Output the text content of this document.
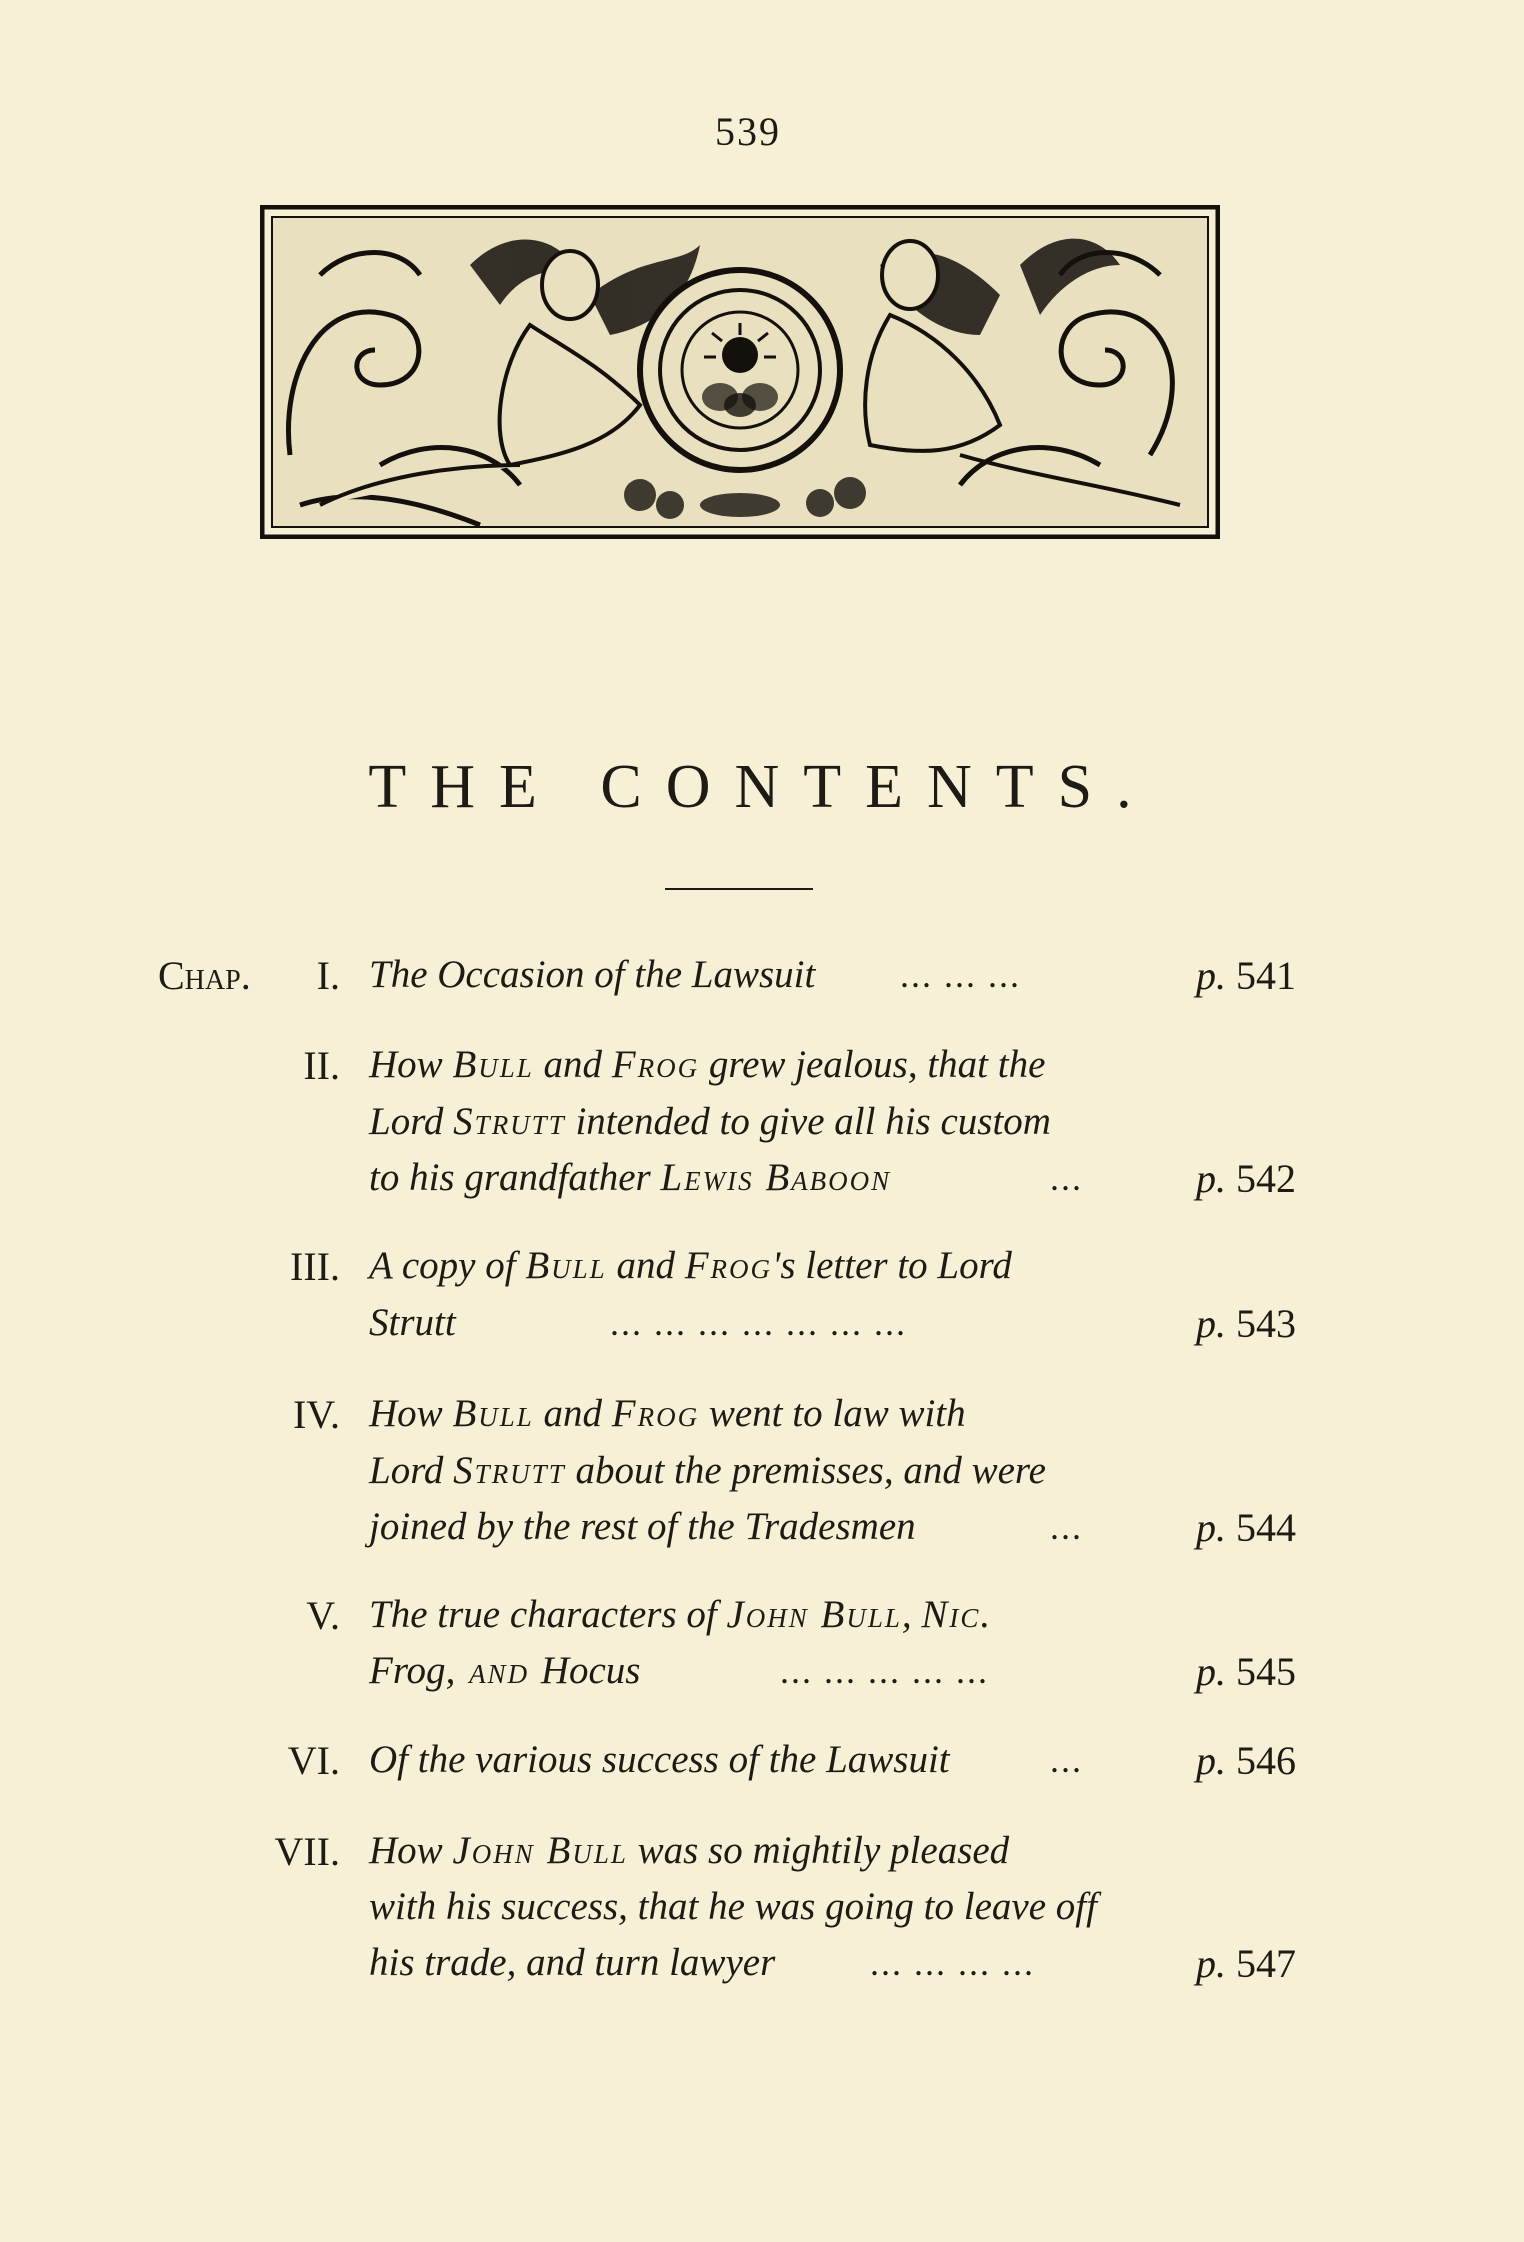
539
THE CONTENTS.
Chap.	I. The Occasion of the Lawsuit ... ... ...	p. 541
II. How Bull and Frog grew jealous, that the
Lord Strutt intended to give all his custom
to his grandfather Lewis Baboon	...	p. 542
III. A copy of Bull and Frog's letter to Lord
Strutt	... ... ... ... ... ... ...	p. 543
IV. How Bull and Frog went to law with
Lord Strutt about the premisses, and were
joined by the rest of the Tradesmen	...	p. 544
V. The true characters of John Bull, Nic.
Frog, and Hocus	... ... ... ... ...	p. 545
VI. Of the various success of the Lawsuit	...	p. 546
VII. How John Bull was so mightily pleased
with his success, that he was going to leave off
his trade, and turn lawyer	... ... ... ...	p. 547
